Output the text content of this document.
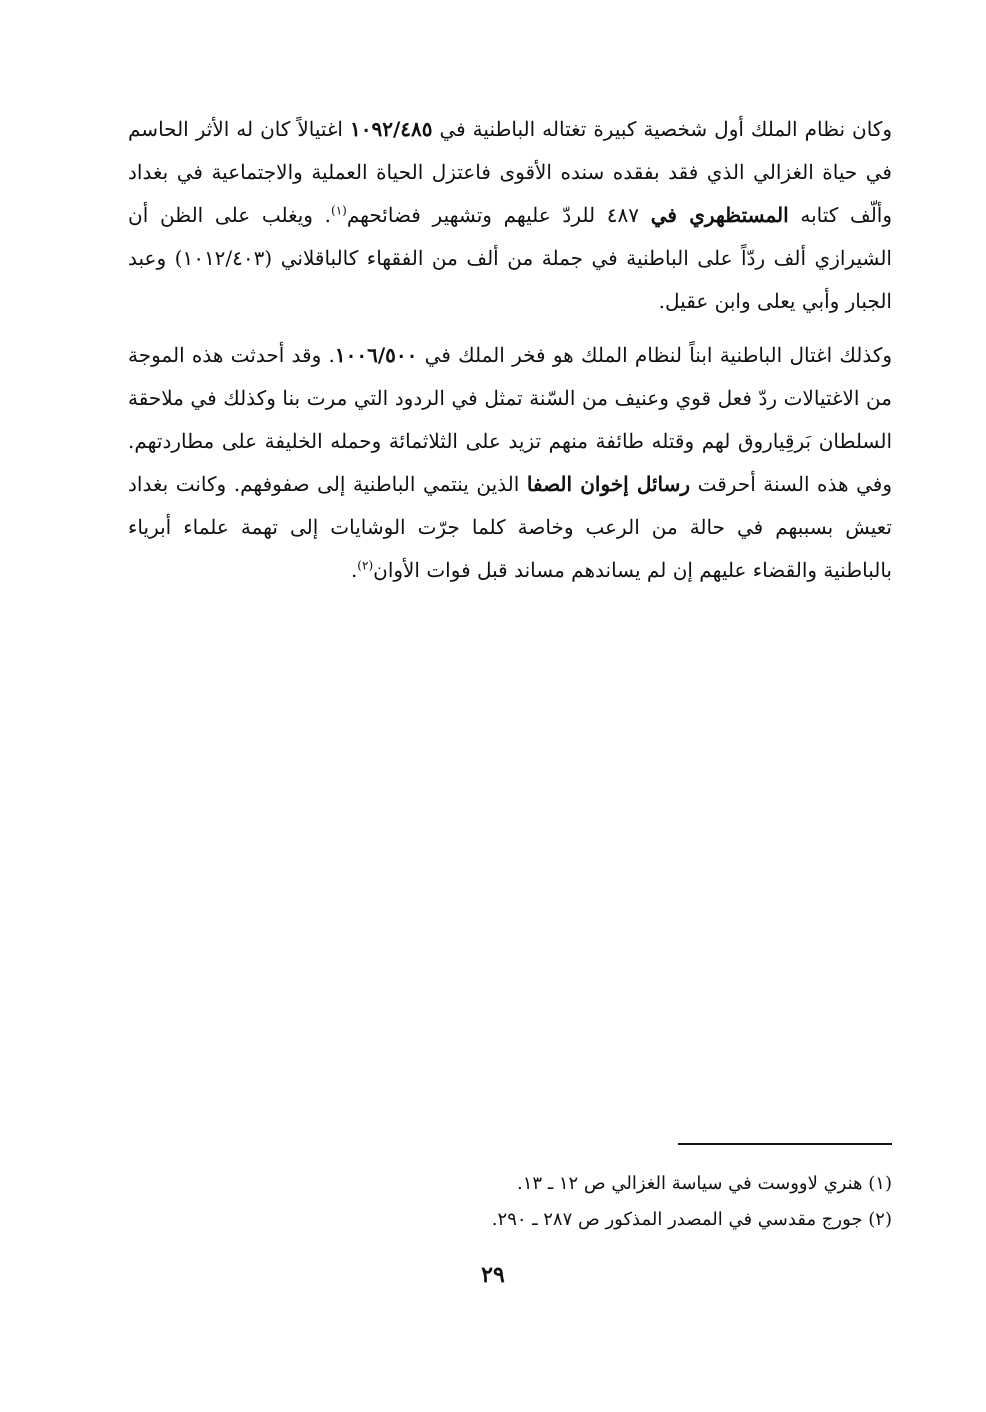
وكان نظام الملك أول شخصية كبيرة تغتاله الباطنية في ١٠٩٢/٤٨٥ اغتيالاً كان له الأثر الحاسم في حياة الغزالي الذي فقد بفقده سنده الأقوى فاعتزل الحياة العملية والاجتماعية في بغداد وألّف كتابه المستظهري في ٤٨٧ للردّ عليهم وتشهير فضائحهم$^{(١)}$. ويغلب على الظن أن الشيرازي ألف ردّاً على الباطنية في جملة من ألف من الفقهاء كالباقلاني (١٠١٢/٤٠٣) وعبد الجبار وأبي يعلى وابن عقيل.

وكذلك اغتال الباطنية ابناً لنظام الملك هو فخر الملك في ١٠٠٦/٥٠٠. وقد أحدثت هذه الموجة من الاغتيالات ردّ فعل قوي وعنيف من السّنة تمثل في الردود التي مرت بنا وكذلك في ملاحقة السلطان بَرقِياروق لهم وقتله طائفة منهم تزيد على الثلاثمائة وحمله الخليفة على مطاردتهم. وفي هذه السنة أحرقت رسائل إخوان الصفا الذين ينتمي الباطنية إلى صفوفهم. وكانت بغداد تعيش بسببهم في حالة من الرعب وخاصة كلما جرّت الوشايات إلى تهمة علماء أبرياء بالباطنية والقضاء عليهم إن لم يساندهم مساند قبل فوات الأوان$^{(٢)}$.

(١) هنري لاووست في سياسة الغزالي ص ١٢ ـ ١٣.

(٢) جورج مقدسي في المصدر المذكور ص ٢٨٧ ـ ٢٩٠.

٢٩
